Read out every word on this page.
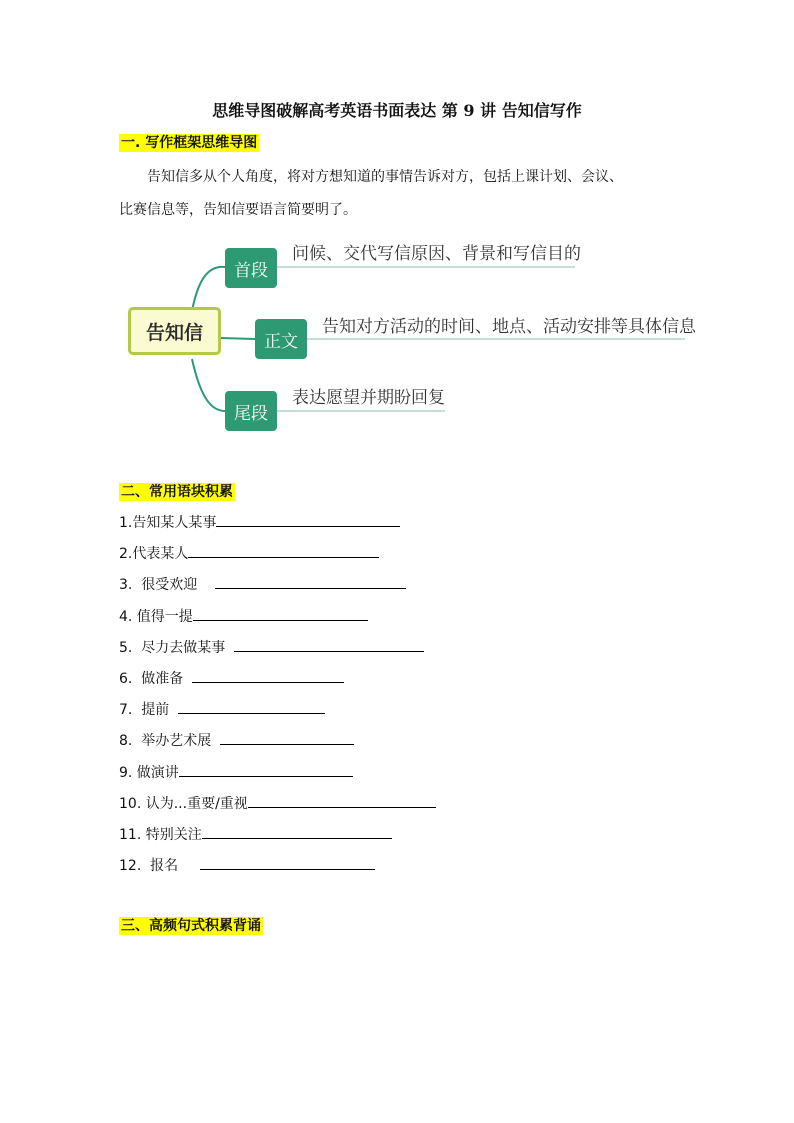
思维导图破解高考英语书面表达 第 9 讲 告知信写作
一. 写作框架思维导图
告知信多从个人角度，将对方想知道的事情告诉对方，包括上课计划、会议、
比赛信息等，告知信要语言简要明了。
告知信
首段
问候、交代写信原因、背景和写信目的
正文
告知对方活动的时间、地点、活动安排等具体信息
尾段
表达愿望并期盼回复
二、常用语块积累
1.告知某人某事
2.代表某人
3.  很受欢迎
4. 值得一提
5.  尽力去做某事
6.  做准备
7.  提前
8.  举办艺术展
9. 做演讲
10. 认为...重要/重视
11. 特别关注
12.  报名
三、高频句式积累背诵
